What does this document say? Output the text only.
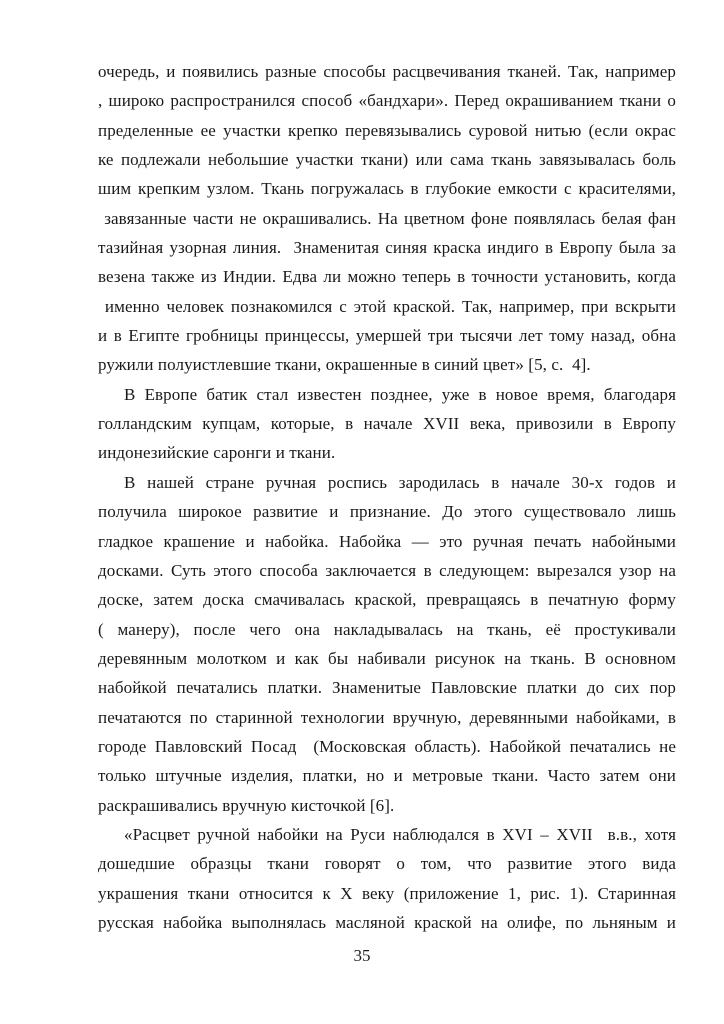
очередь, и появились разные способы расцвечивания тканей. Так, например
, широко распространился способ «бандхари». Перед окрашиванием ткани о
пределенные ее участки крепко перевязывались суровой нитью (если окрас
ке подлежали небольшие участки ткани) или сама ткань завязывалась боль
шим крепким узлом. Ткань погружалась в глубокие емкости с красителями,
завязанные части не окрашивались. На цветном фоне появлялась белая фан
тазийная узорная линия.  Знаменитая синяя краска индиго в Европу была за
везена также из Индии. Едва ли можно теперь в точности установить, когда
именно человек познакомился с этой краской. Так, например, при вскрыти
и в Египте гробницы принцессы, умершей три тысячи лет тому назад, обна
ружили полуистлевшие ткани, окрашенные в синий цвет» [5, с.  4].
В Европе батик стал известен позднее, уже в новое время, благодаря
голландским купцам, которые, в начале XVII века, привозили в Европу
индонезийские саронги и ткани.
В нашей стране ручная роспись зародилась в начале 30-х годов и
получила широкое развитие и признание. До этого существовало лишь
гладкое крашение и набойка. Набойка — это ручная печать набойными
досками. Суть этого способа заключается в следующем: вырезался узор на
доске, затем доска смачивалась краской, превращаясь в печатную форму
( манеру), после чего она накладывалась на ткань, её простукивали
деревянным молотком и как бы набивали рисунок на ткань. В основном
набойкой печатались платки. Знаменитые Павловские платки до сих пор
печатаются по старинной технологии вручную, деревянными набойками, в
городе Павловский Посад  (Московская область). Набойкой печатались не
только штучные изделия, платки, но и метровые ткани. Часто затем они
раскрашивались вручную кисточкой [6].
«Расцвет ручной набойки на Руси наблюдался в XVI – XVII  в.в., хотя
дошедшие образцы ткани говорят о том, что развитие этого вида
украшения ткани относится к X веку (приложение 1, рис. 1). Старинная
русская набойка выполнялась масляной краской на олифе, по льняным и
35
